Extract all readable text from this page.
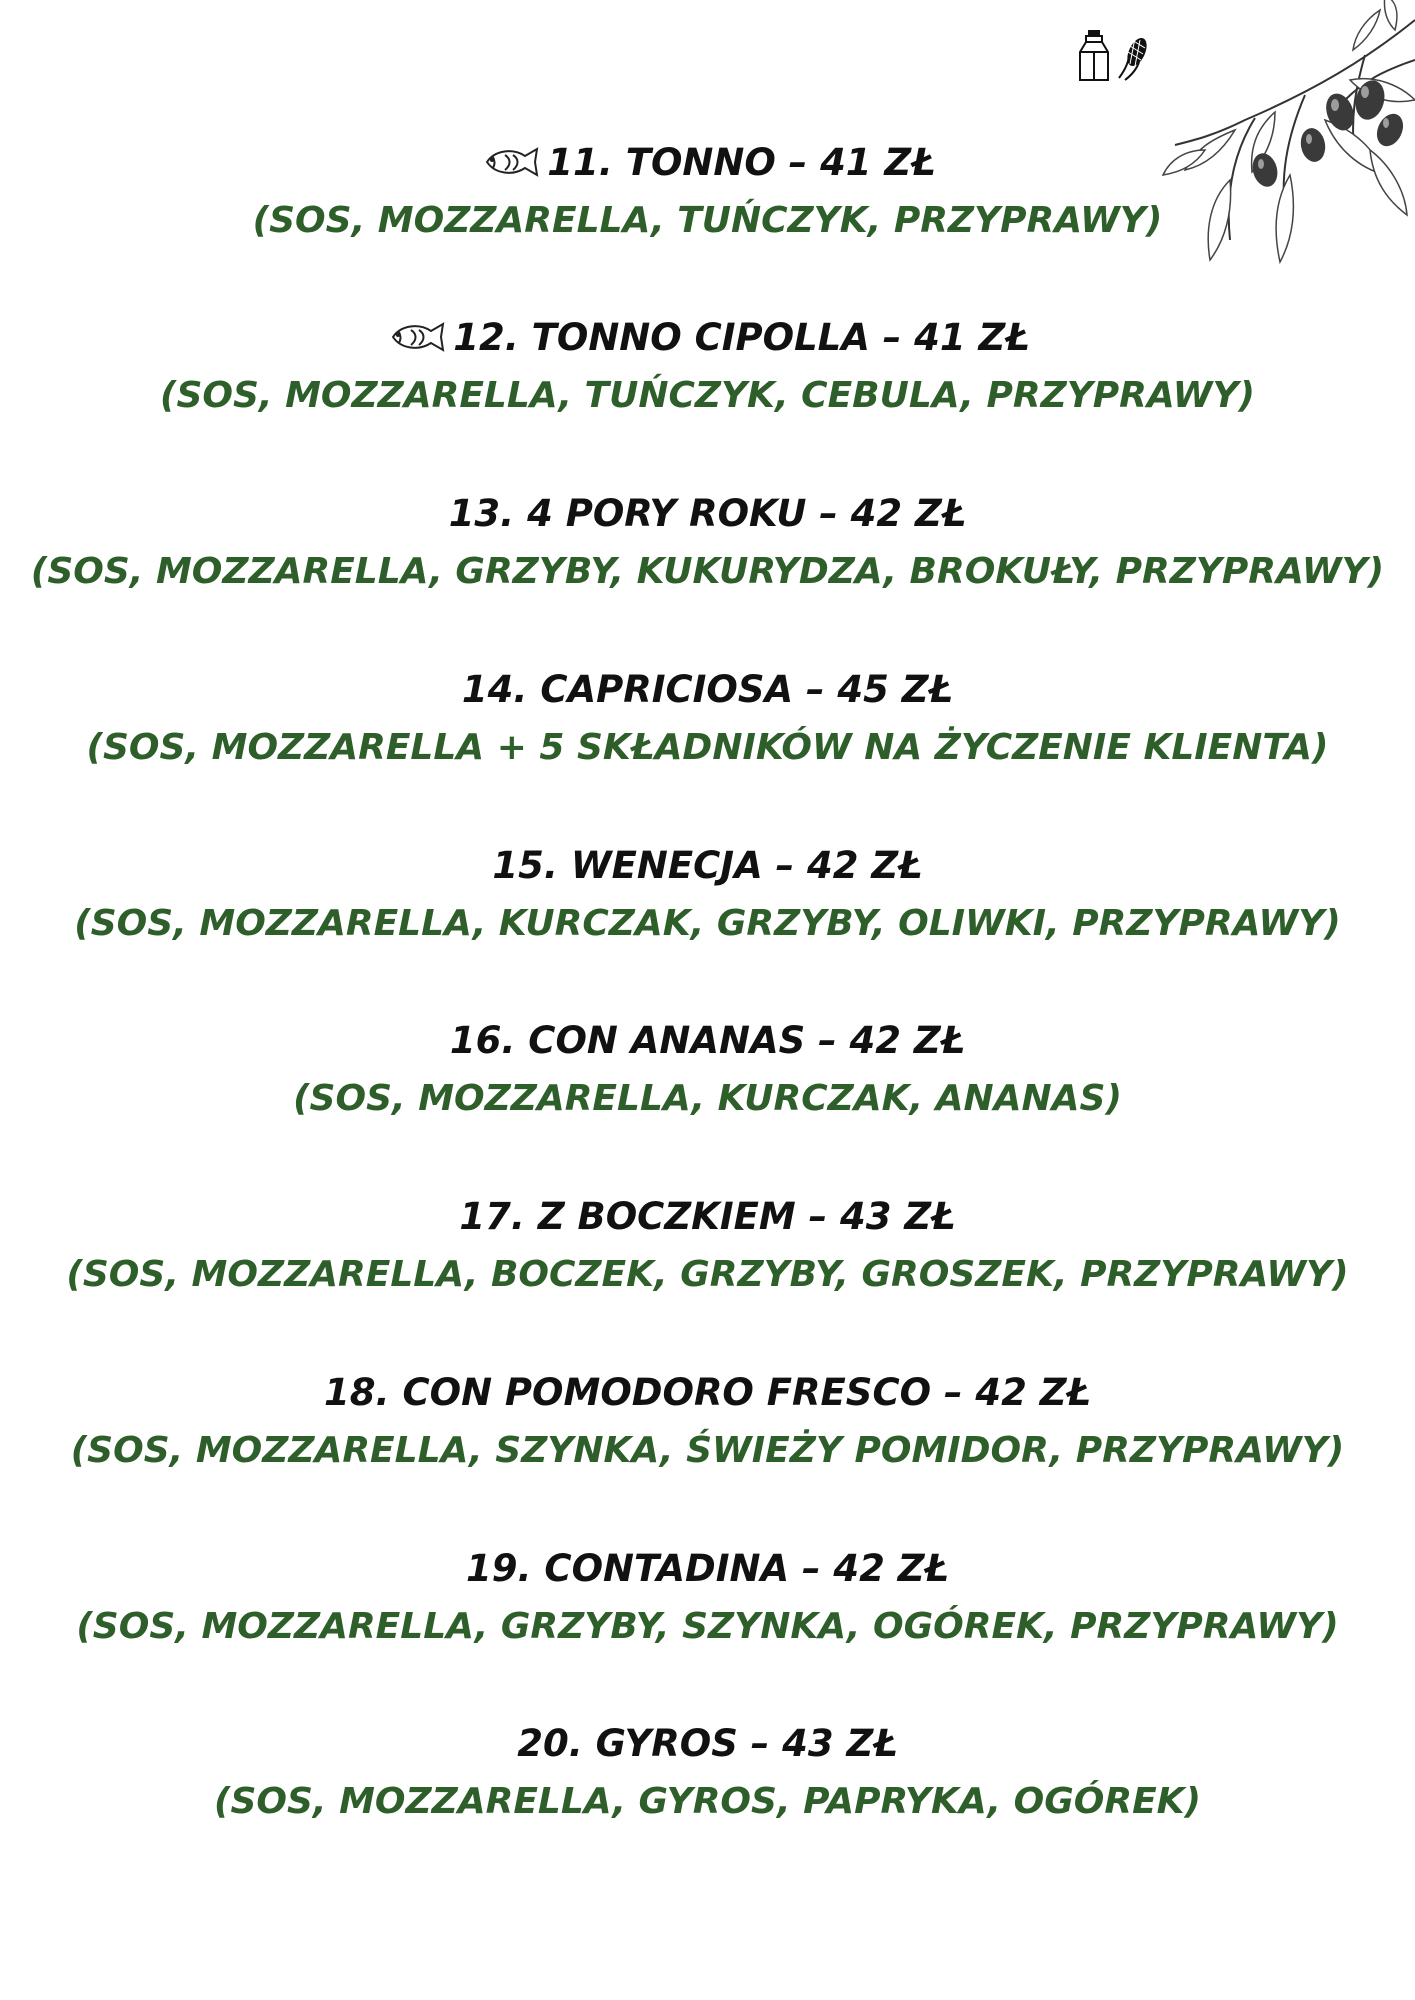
11. TONNO – 41 ZŁ
(SOS, MOZZARELLA, TUŃCZYK, PRZYPRAWY)
12. TONNO CIPOLLA – 41 ZŁ
(SOS, MOZZARELLA, TUŃCZYK, CEBULA, PRZYPRAWY)
13. 4 PORY ROKU – 42 ZŁ
(SOS, MOZZARELLA, GRZYBY, KUKURYDZA, BROKUŁY, PRZYPRAWY)
14. CAPRICIOSA – 45 ZŁ
(SOS, MOZZARELLA + 5 SKŁADNIKÓW NA ŻYCZENIE KLIENTA)
15. WENECJA – 42 ZŁ
(SOS, MOZZARELLA, KURCZAK, GRZYBY, OLIWKI, PRZYPRAWY)
16. CON ANANAS – 42 ZŁ
(SOS, MOZZARELLA, KURCZAK, ANANAS)
17. Z BOCZKIEM – 43 ZŁ
(SOS, MOZZARELLA, BOCZEK, GRZYBY, GROSZEK, PRZYPRAWY)
18. CON POMODORO FRESCO – 42 ZŁ
(SOS, MOZZARELLA, SZYNKA, ŚWIEŻY POMIDOR, PRZYPRAWY)
19. CONTADINA – 42 ZŁ
(SOS, MOZZARELLA, GRZYBY, SZYNKA, OGÓREK, PRZYPRAWY)
20. GYROS – 43 ZŁ
(SOS, MOZZARELLA, GYROS, PAPRYKA, OGÓREK)
